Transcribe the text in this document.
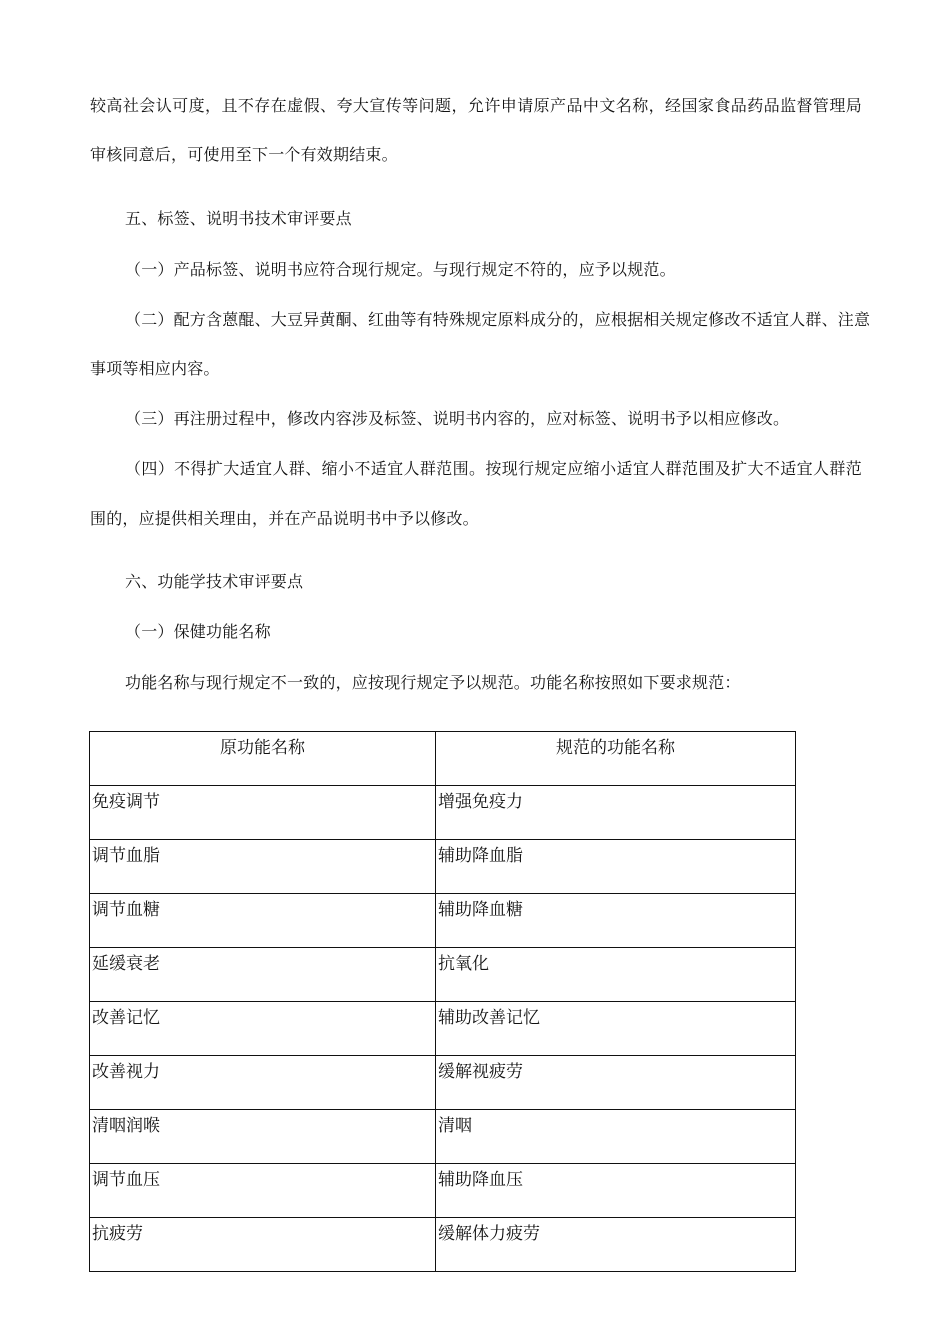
较高社会认可度，且不存在虚假、夸大宣传等问题，允许申请原产品中文名称，经国家食品药品监督管理局
审核同意后，可使用至下一个有效期结束。
五、标签、说明书技术审评要点
（一）产品标签、说明书应符合现行规定。与现行规定不符的，应予以规范。
（二）配方含蒽醌、大豆异黄酮、红曲等有特殊规定原料成分的，应根据相关规定修改不适宜人群、注意
事项等相应内容。
（三）再注册过程中，修改内容涉及标签、说明书内容的，应对标签、说明书予以相应修改。
（四）不得扩大适宜人群、缩小不适宜人群范围。按现行规定应缩小适宜人群范围及扩大不适宜人群范
围的，应提供相关理由，并在产品说明书中予以修改。
六、功能学技术审评要点
（一）保健功能名称
功能名称与现行规定不一致的，应按现行规定予以规范。功能名称按照如下要求规范：
原功能名称	规范的功能名称
免疫调节	增强免疫力
调节血脂	辅助降血脂
调节血糖	辅助降血糖
延缓衰老	抗氧化
改善记忆	辅助改善记忆
改善视力	缓解视疲劳
清咽润喉	清咽
调节血压	辅助降血压
抗疲劳	缓解体力疲劳
